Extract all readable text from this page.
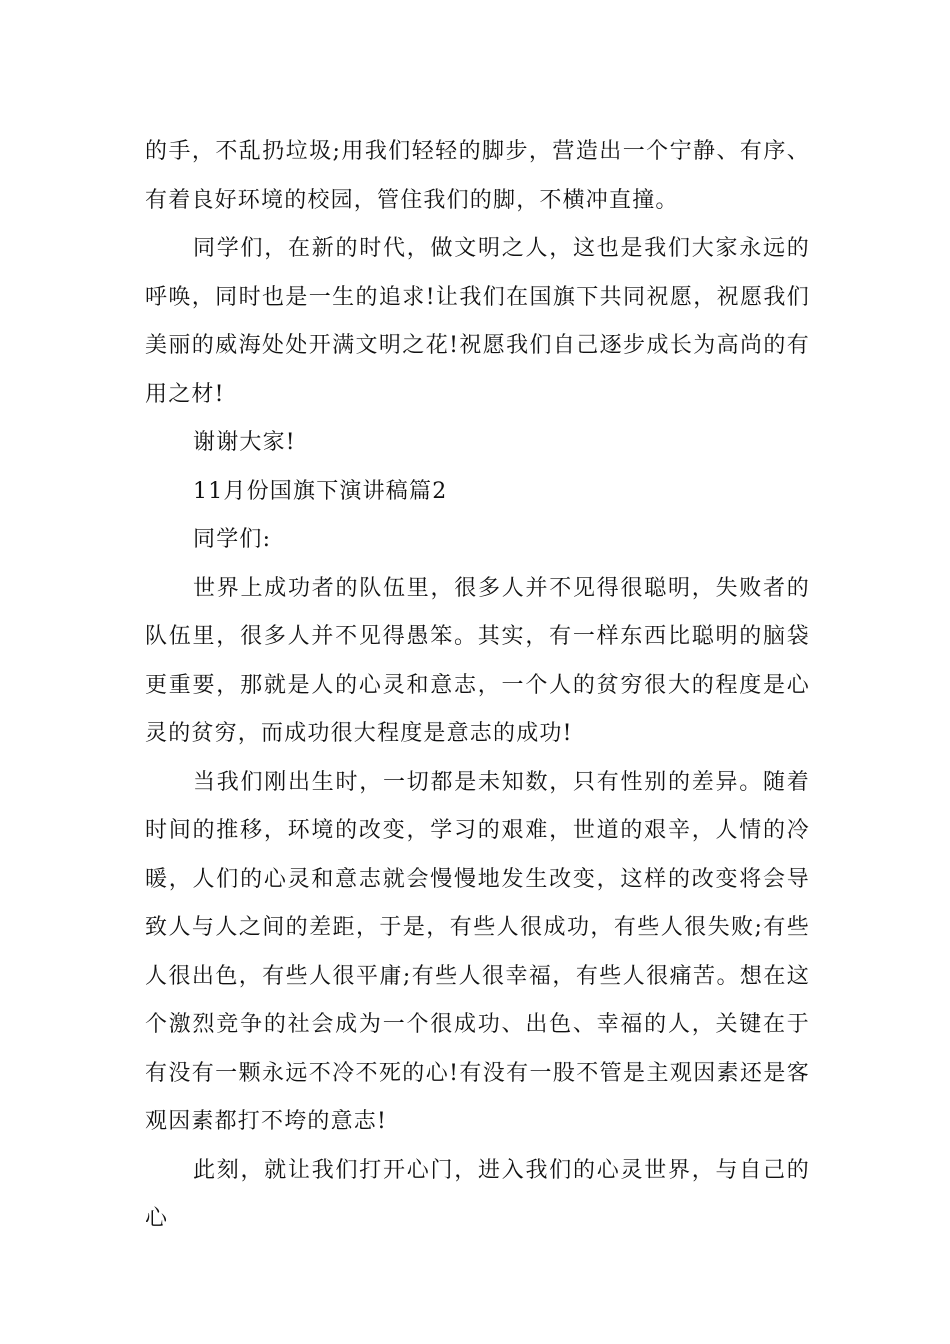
的手，不乱扔垃圾;用我们轻轻的脚步，营造出一个宁静、有序、有着良好环境的校园，管住我们的脚，不横冲直撞。

同学们，在新的时代，做文明之人，这也是我们大家永远的呼唤，同时也是一生的追求!让我们在国旗下共同祝愿，祝愿我们美丽的威海处处开满文明之花!祝愿我们自己逐步成长为高尚的有用之材!

谢谢大家!

11月份国旗下演讲稿篇2

同学们:

世界上成功者的队伍里，很多人并不见得很聪明，失败者的队伍里，很多人并不见得愚笨。其实，有一样东西比聪明的脑袋更重要，那就是人的心灵和意志，一个人的贫穷很大的程度是心灵的贫穷，而成功很大程度是意志的成功!

当我们刚出生时，一切都是未知数，只有性别的差异。随着时间的推移，环境的改变，学习的艰难，世道的艰辛，人情的冷暖，人们的心灵和意志就会慢慢地发生改变，这样的改变将会导致人与人之间的差距，于是，有些人很成功，有些人很失败;有些人很出色，有些人很平庸;有些人很幸福，有些人很痛苦。想在这个激烈竞争的社会成为一个很成功、出色、幸福的人，关键在于有没有一颗永远不冷不死的心!有没有一股不管是主观因素还是客观因素都打不垮的意志!

此刻，就让我们打开心门，进入我们的心灵世界，与自己的心
